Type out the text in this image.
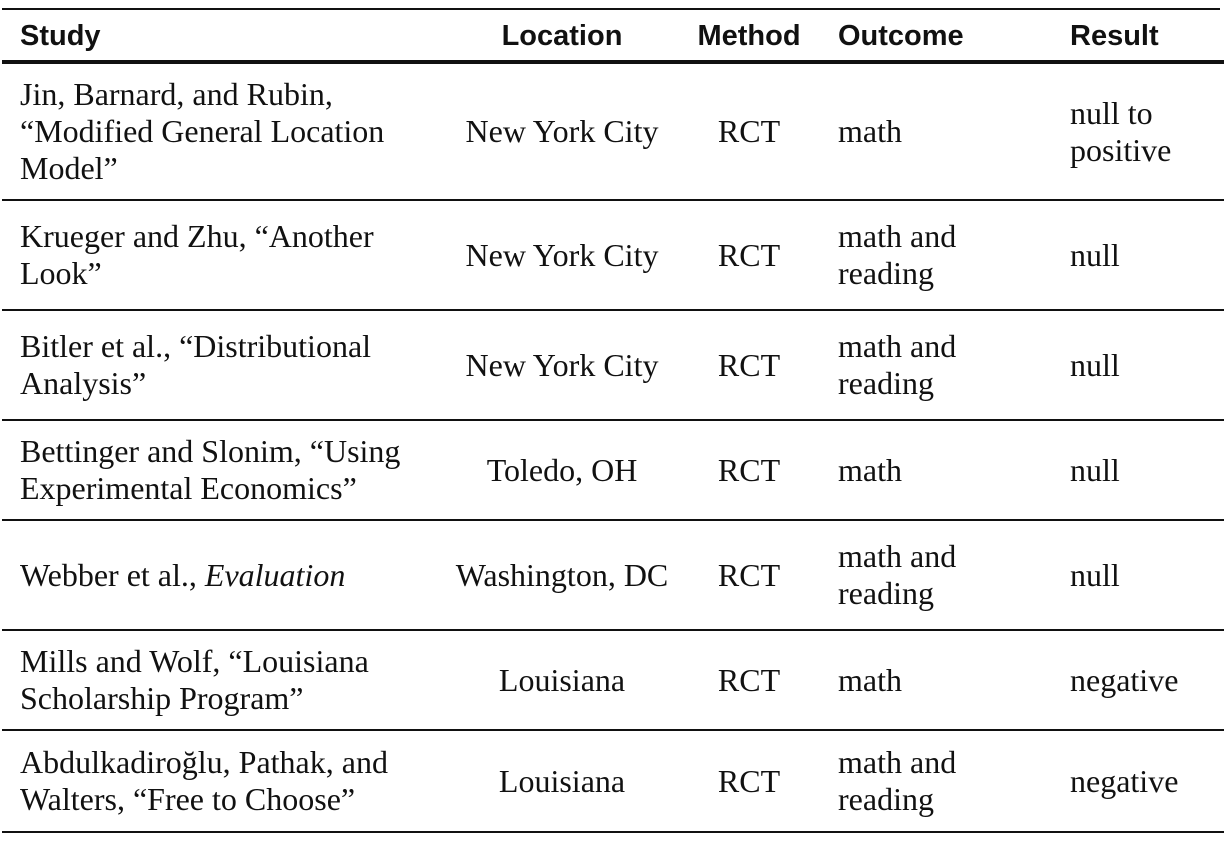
Study	Location	Method	Outcome	Result
Jin, Barnard, and Rubin, “Modified General Location Model”	New York City	RCT	math	null to positive
Krueger and Zhu, “Another Look”	New York City	RCT	math and reading	null
Bitler et al., “Distributional Analysis”	New York City	RCT	math and reading	null
Bettinger and Slonim, “Using Experimental Economics”	Toledo, OH	RCT	math	null
Webber et al., Evaluation	Washington, DC	RCT	math and reading	null
Mills and Wolf, “Louisiana Scholarship Program”	Louisiana	RCT	math	negative
Abdulkadiroğlu, Pathak, and Walters, “Free to Choose”	Louisiana	RCT	math and reading	negative
